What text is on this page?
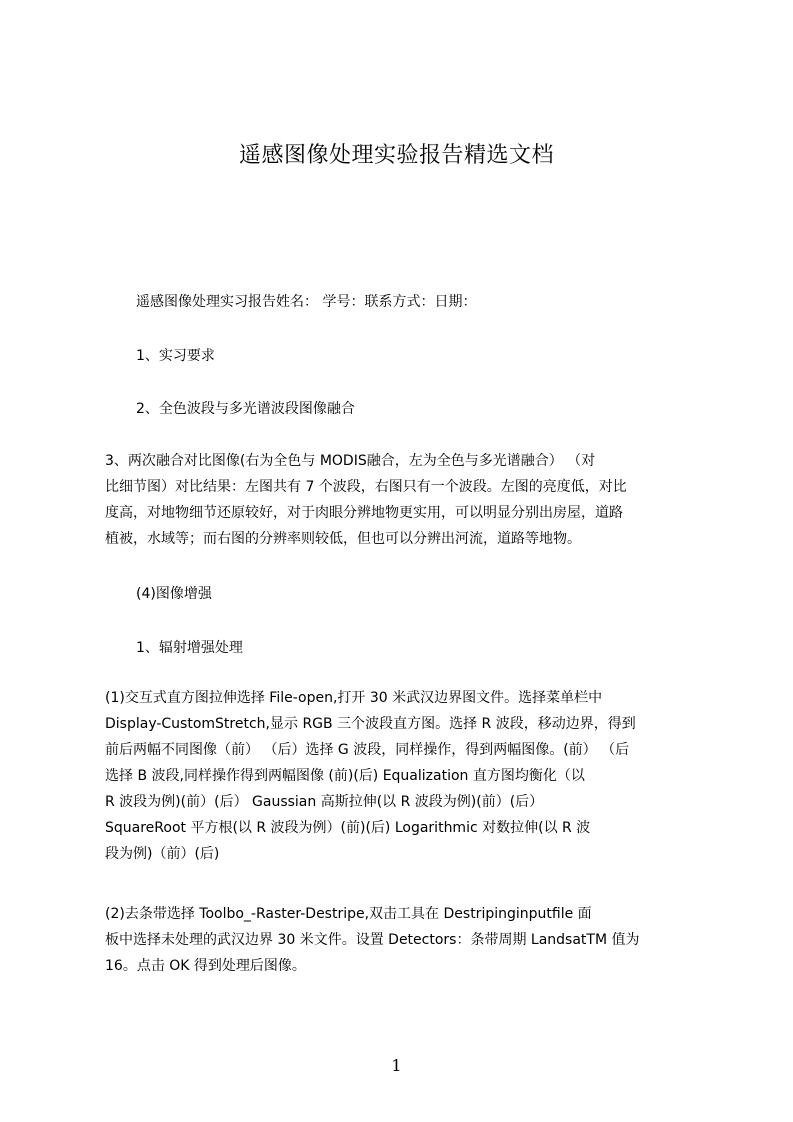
遥感图像处理实验报告精选文档
遥感图像处理实习报告姓名： 学号：联系方式：日期：
1、实习要求
2、全色波段与多光谱波段图像融合
3、两次融合对比图像(右为全色与 MODIS融合，左为全色与多光谱融合） （对
比细节图）对比结果：左图共有 7 个波段，右图只有一个波段。左图的亮度低，对比
度高，对地物细节还原较好，对于肉眼分辨地物更实用，可以明显分别出房屋，道路
植被，水域等；而右图的分辨率则较低，但也可以分辨出河流，道路等地物。
(4)图像增强
1、辐射增强处理
(1)交互式直方图拉伸选择 File-open,打开 30 米武汉边界图文件。选择菜单栏中
Display-CustomStretch,显示 RGB 三个波段直方图。选择 R 波段，移动边界，得到
前后两幅不同图像（前） （后）选择 G 波段，同样操作，得到两幅图像。(前） （后
选择 B 波段,同样操作得到两幅图像 (前)(后) Equalization 直方图均衡化（以
R 波段为例)(前）(后） Gaussian 高斯拉伸(以 R 波段为例)(前）(后）
SquareRoot 平方根(以 R 波段为例）(前)(后) Logarithmic 对数拉伸(以 R 波
段为例)（前）(后)
(2)去条带选择 Toolbo_-Raster-Destripe,双击工具在 Destripinginputfile 面
板中选择未处理的武汉边界 30 米文件。设置 Detectors：条带周期 LandsatTM 值为
16。点击 OK 得到处理后图像。
1
